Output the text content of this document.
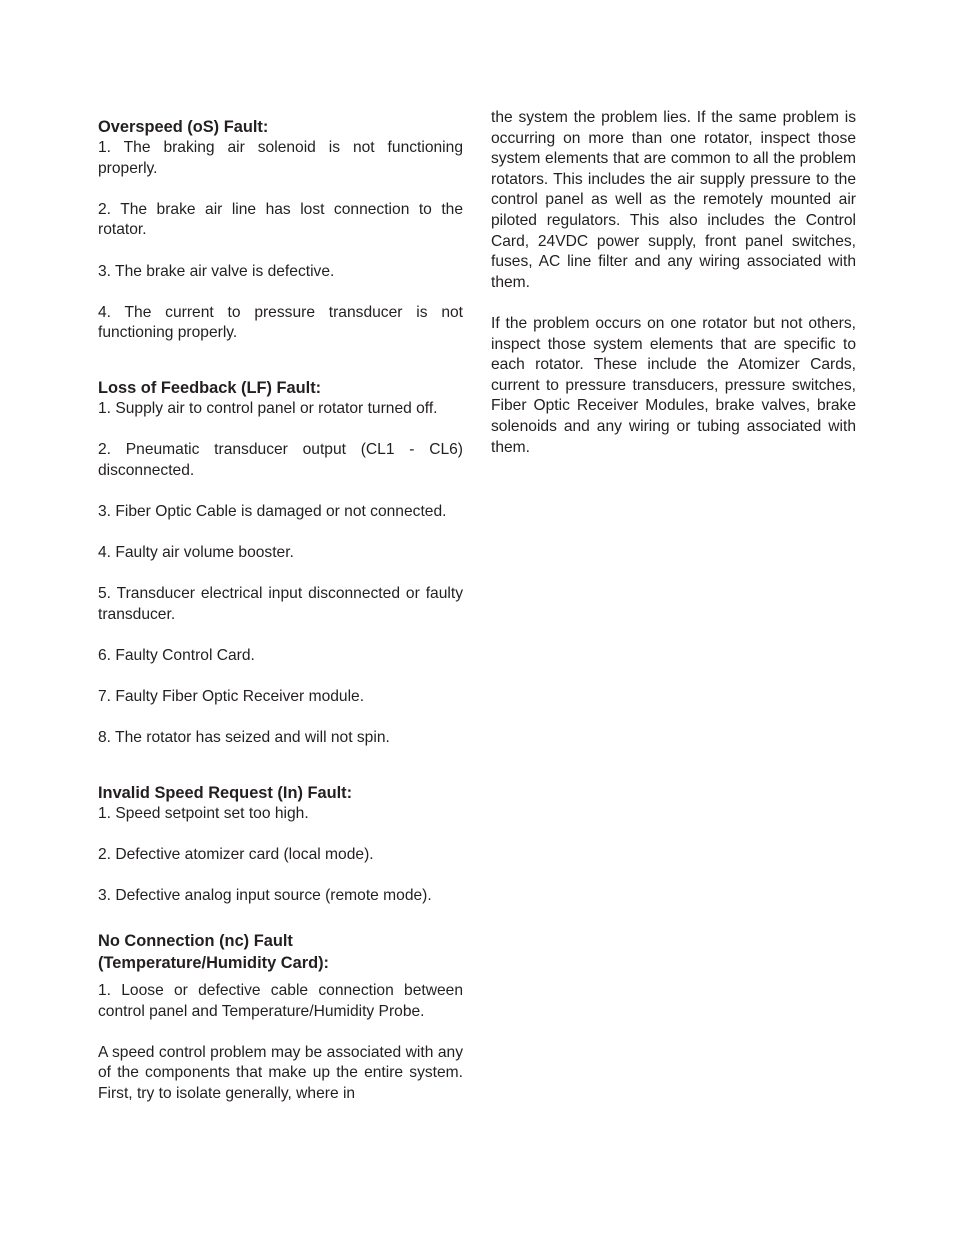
Overspeed (oS) Fault:

1. The braking air solenoid is not functioning properly.

2. The brake air line has lost connection to the rotator.

3. The brake air valve is defective.

4. The current to pressure transducer is not functioning properly.

Loss of Feedback (LF) Fault:

1. Supply air to control panel or rotator turned off.

2. Pneumatic transducer output (CL1 - CL6) disconnected.

3. Fiber Optic Cable is damaged or not connected.

4. Faulty air volume booster.

5. Transducer electrical input disconnected or faulty transducer.

6. Faulty Control Card.

7. Faulty Fiber Optic Receiver module.

8. The rotator has seized and will not spin.

Invalid Speed Request (In) Fault:

1. Speed setpoint set too high.

2. Defective atomizer card (local mode).

3. Defective analog input source (remote mode).

No Connection (nc) Fault
(Temperature/Humidity Card):

1. Loose or defective cable connection between control panel and Temperature/Humidity Probe.

A speed control problem may be associated with any of the components that make up the entire system. First, try to isolate generally, where in

the system the problem lies. If the same problem is occurring on more than one rotator, inspect those system elements that are common to all the problem rotators. This includes the air supply pressure to the control panel as well as the remotely mounted air piloted regulators. This also includes the Control Card, 24VDC power supply, front panel switches, fuses, AC line filter and any wiring associated with them.

If the problem occurs on one rotator but not others, inspect those system elements that are specific to each rotator. These include the Atomizer Cards, current to pressure transducers, pressure switches, Fiber Optic Receiver Modules, brake valves, brake solenoids and any wiring or tubing associated with them.
